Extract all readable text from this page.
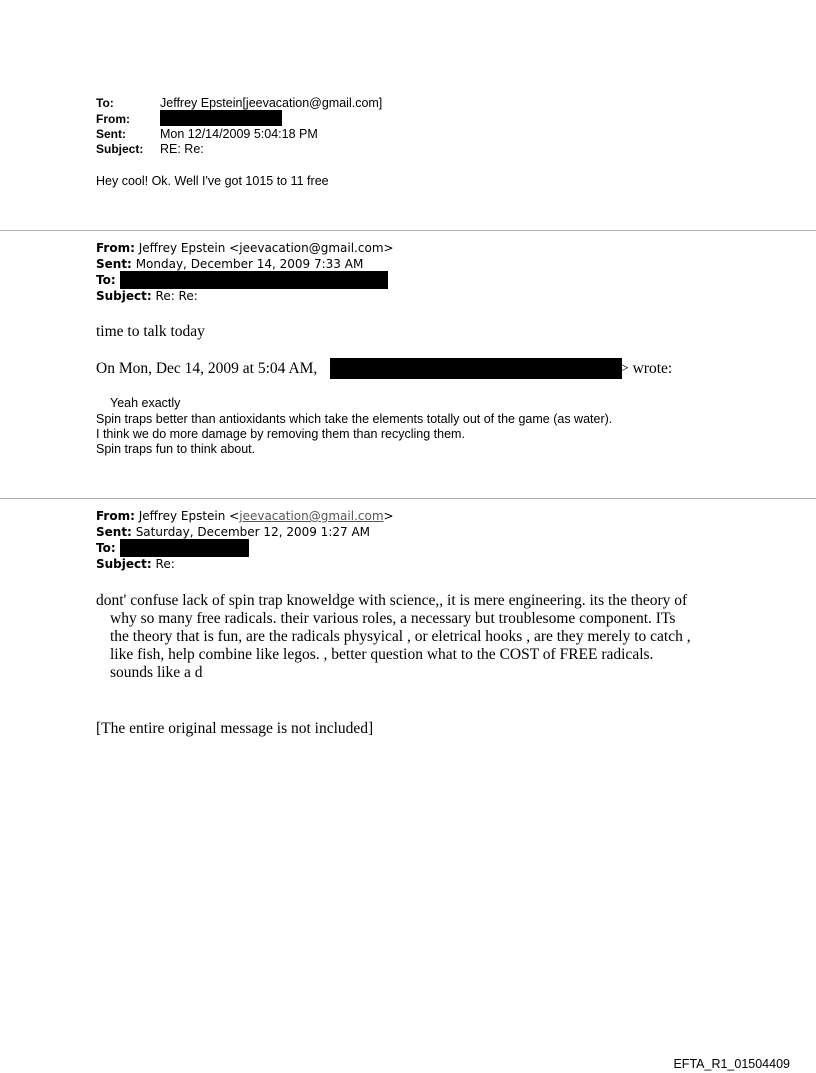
To:	Jeffrey Epstein[jeevacation@gmail.com]
From:
Sent:	Mon 12/14/2009 5:04:18 PM
Subject: RE: Re:
Hey cool! Ok. Well I've got 1015 to 11 free
From: Jeffrey Epstein <jeevacation@gmail.com>
Sent: Monday, December 14, 2009 7:33 AM
To:
Subject: Re: Re:
time to talk today
On Mon, Dec 14, 2009 at 5:04 AM,	> wrote:
Yeah exactly
Spin traps better than antioxidants which take the elements totally out of the game (as water).
I think we do more damage by removing them than recycling them.
Spin traps fun to think about.
From: Jeffrey Epstein <jeevacation@gmail.com>
Sent: Saturday, December 12, 2009 1:27 AM
To:
Subject: Re:
dont' confuse lack of spin trap knoweldge with science,, it is mere engineering. its the theory of
why so many free radicals. their various roles, a necessary but troublesome component. ITs
the theory that is fun, are the radicals physyical , or eletrical hooks , are they merely to catch ,
like fish, help combine like legos. , better question what to the COST of FREE radicals.
sounds like a d
[The entire original message is not included]
EFTA_R1_01504409
